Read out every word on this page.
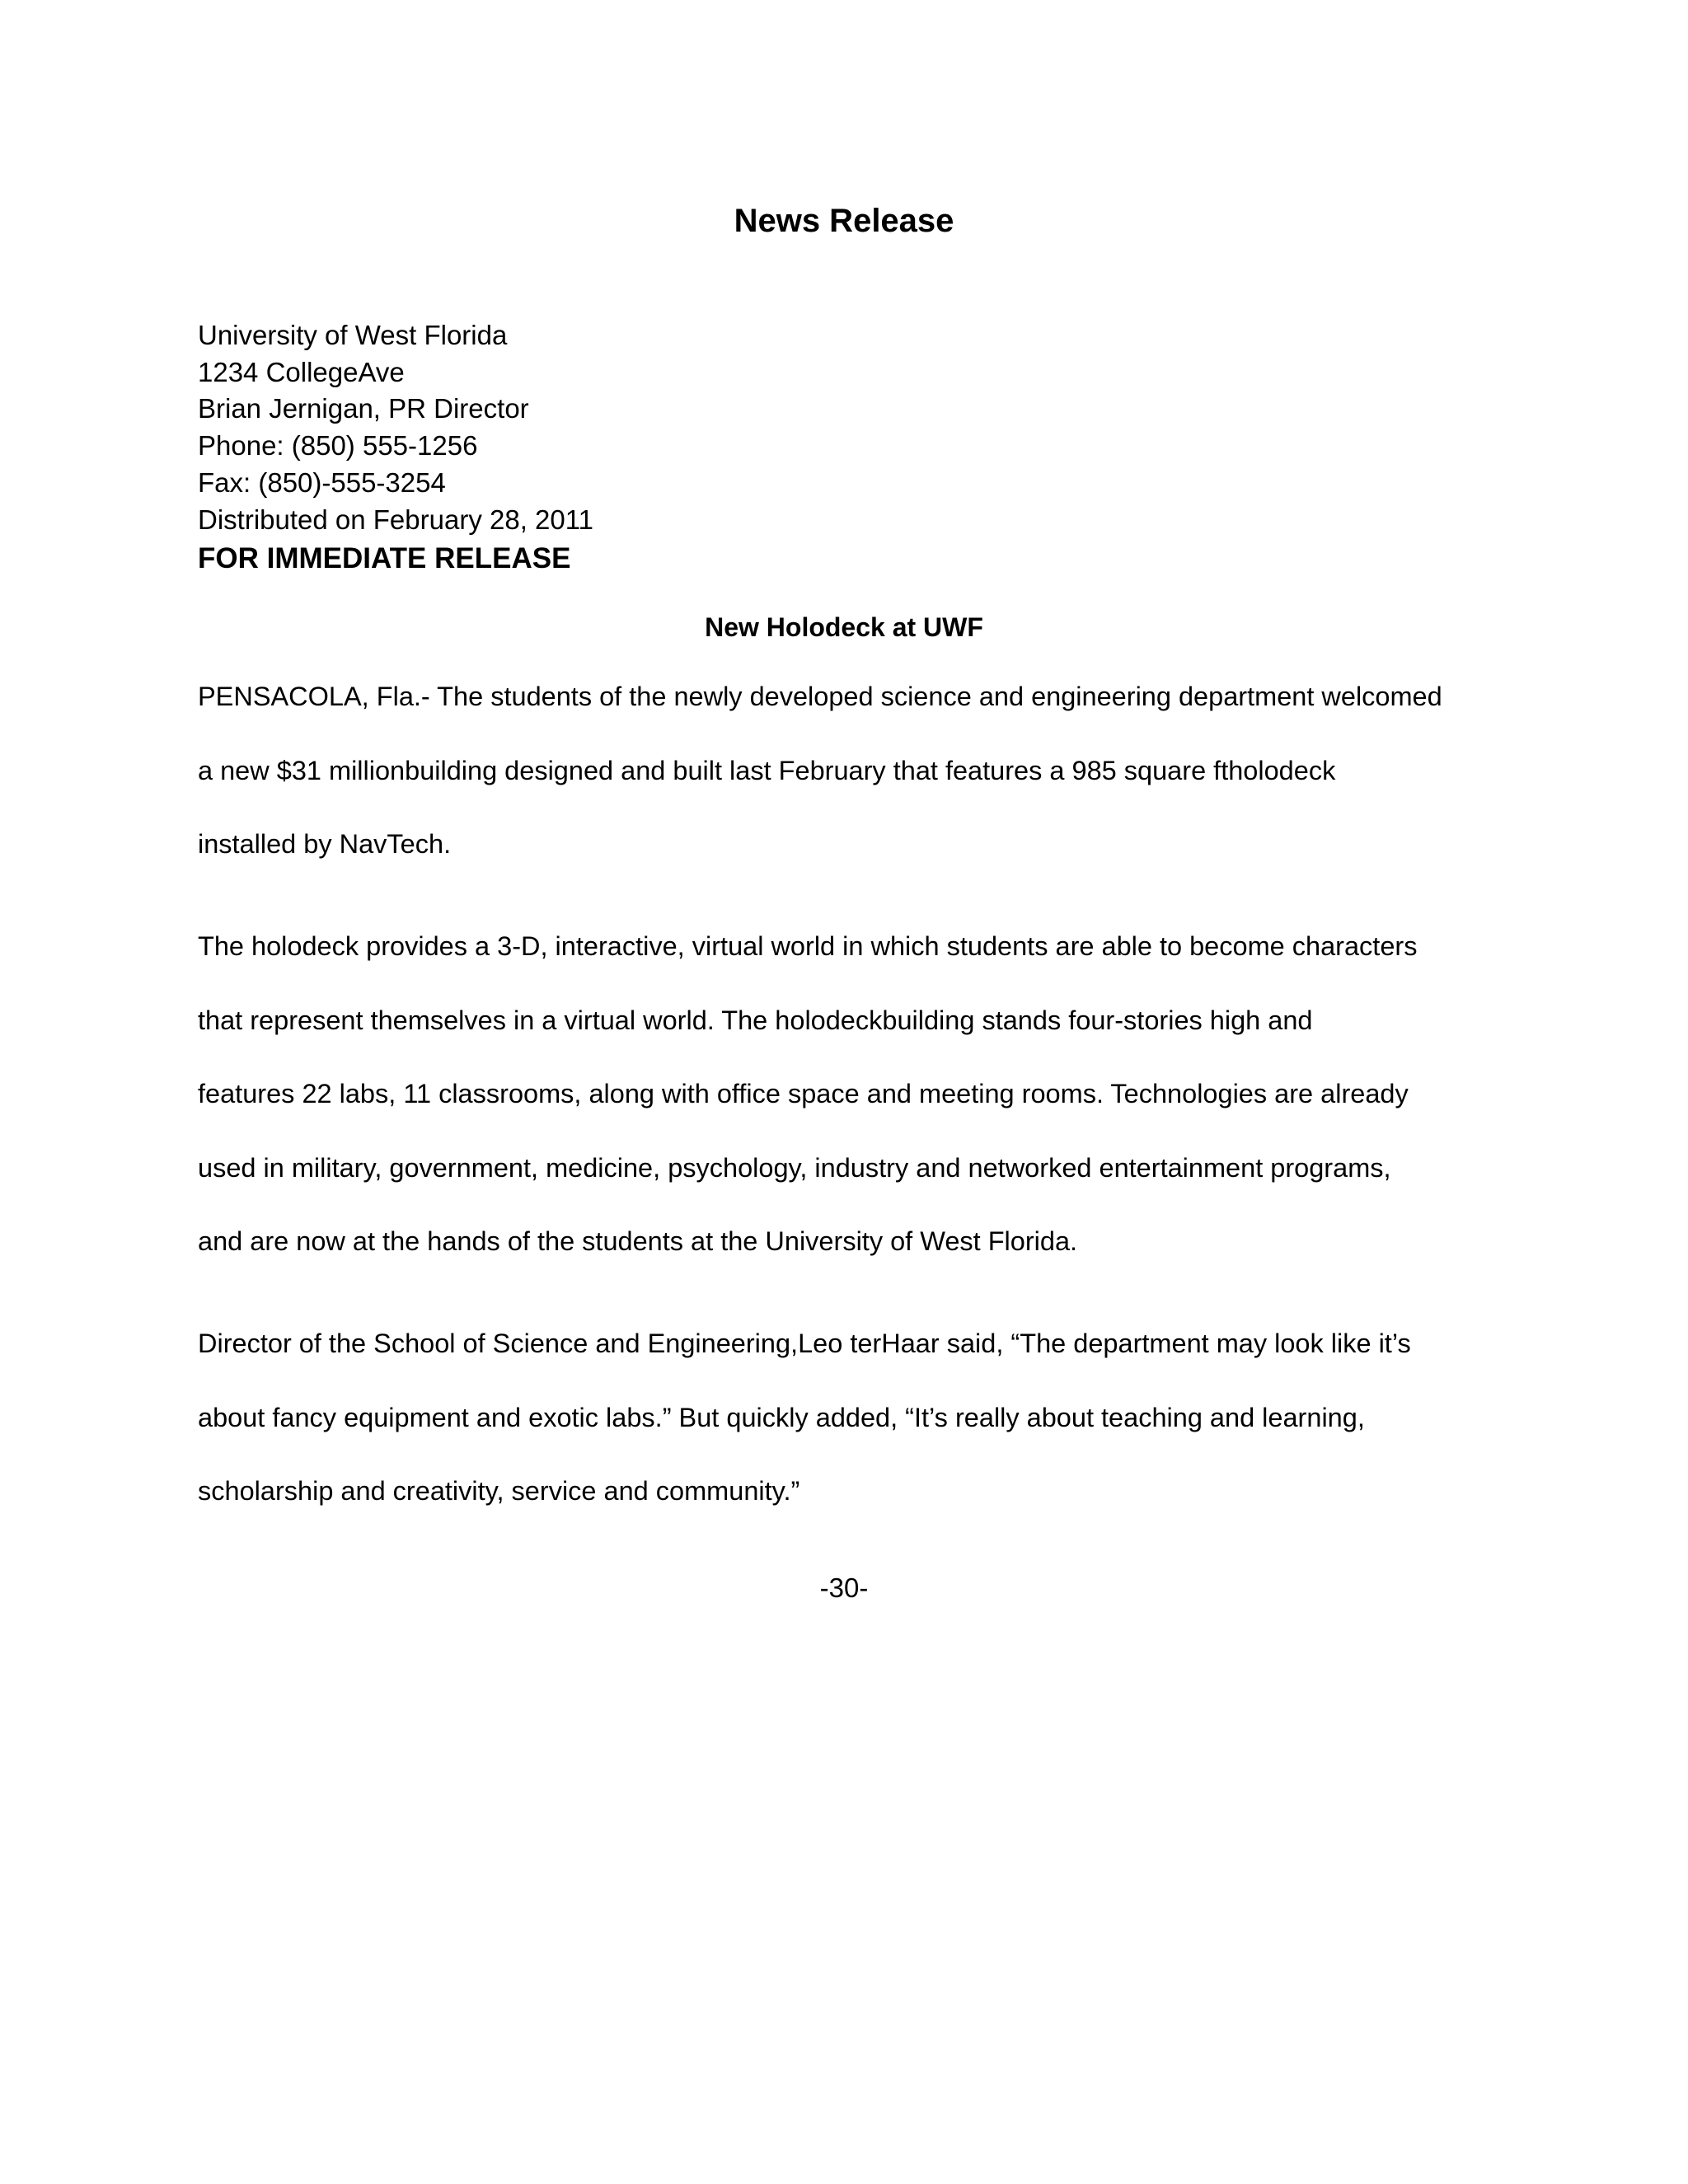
News Release
University of West Florida
1234 CollegeAve
Brian Jernigan, PR Director
Phone: (850) 555-1256
Fax: (850)-555-3254
Distributed on February 28, 2011
FOR IMMEDIATE RELEASE
New Holodeck at UWF
PENSACOLA, Fla.- The students of the newly developed science and engineering department welcomed
a new $31 millionbuilding designed and built last February that features a 985 square ftholodeck
installed by NavTech.
The holodeck provides a 3-D, interactive, virtual world in which students are able to become characters
that represent themselves in a virtual world. The holodeckbuilding stands four-stories high and
features 22 labs, 11 classrooms, along with office space and meeting rooms. Technologies are already
used in military, government, medicine, psychology, industry and networked entertainment programs,
and are now at the hands of the students at the University of West Florida.
Director of the School of Science and Engineering,Leo terHaar said, “The department may look like it’s
about fancy equipment and exotic labs.” But quickly added, “It’s really about teaching and learning,
scholarship and creativity, service and community.”
-30-
